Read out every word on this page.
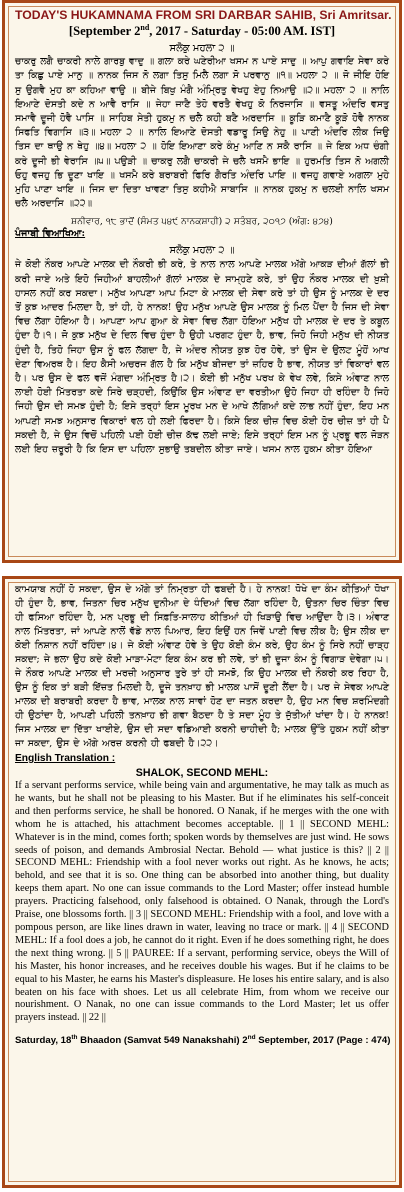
TODAY'S HUKAMNAMA FROM SRI DARBAR SAHIB, Sri Amritsar.
[September 2nd, 2017 - Saturday - 05:00 AM. IST]
ਸਲੋਕੁ ਮਹਲਾ ੨ ॥
ਚਾਕਰੁ ਲਗੈ ਚਾਕਰੀ ਨਾਲੇ ਗਾਰਬੁ ਵਾਦੁ ॥ ਗਲਾ ਕਰੇ ਘਣੇਰੀਆ ਖਸਮ ਨ ਪਾਏ ਸਾਦੁ ॥ ਆਪੁ ਗਵਾਇ ਸੇਵਾ ਕਰੇ ਤਾ ਕਿਛੁ ਪਾਏ ਮਾਨੁ ॥ ਨਾਨਕ ਜਿਸ ਨੋ ਲਗਾ ਤਿਸੁ ਮਿਲੈ ਲਗਾ ਸੋ ਪਰਵਾਨੁ ॥੧॥ ਮਹਲਾ ੨ ॥ ਜੋ ਜੀਇ ਹੋਇ ਸੁ ਉਗਵੈ ਮੁਹ ਕਾ ਕਹਿਆ ਵਾਉ ॥ ਬੀਜੇ ਬਿਖੁ ਮੰਗੈ ਅੰਮ੍ਰਿਤੁ ਵੇਖਹੁ ਏਹੁ ਨਿਆਉ ॥੨॥ ਮਹਲਾ ੨ ॥ ਨਾਲਿ ਇਆਣੇ ਦੋਸਤੀ ਕਦੇ ਨ ਆਵੈ ਰਾਸਿ ॥ ਜੇਹਾ ਜਾਣੈ ਤੇਹੋ ਵਰਤੈ ਵੇਖਹੁ ਕੋ ਨਿਰਜਾਸਿ ॥ ਵਸਤੂ ਅੰਦਰਿ ਵਸਤੁ ਸਮਾਵੈ ਦੂਜੀ ਹੋਵੈ ਪਾਸਿ ॥ ਸਾਹਿਬ ਸੇਤੀ ਹੁਕਮੁ ਨ ਚਲੈ ਕਹੀ ਬਣੈ ਅਰਦਾਸਿ ॥ ਕੂੜਿ ਕਮਾਣੈ ਕੂੜੋ ਹੋਵੈ ਨਾਨਕ ਸਿਫਤਿ ਵਿਗਾਸਿ ॥੩॥ ਮਹਲਾ ੨ ॥ ਨਾਲਿ ਇਆਣੇ ਦੋਸਤੀ ਵਡਾਰੂ ਸਿਉ ਨੇਹੁ ॥ ਪਾਣੀ ਅੰਦਰਿ ਲੀਕ ਜਿਉ ਤਿਸ ਦਾ ਥਾਉ ਨ ਥੇਹੁ ॥੪॥ ਮਹਲਾ ੨ ॥ ਹੋਇ ਇਆਣਾ ਕਰੇ ਕੰਮੁ ਆਣਿ ਨ ਸਕੈ ਰਾਸਿ ॥ ਜੇ ਇਕ ਅਧ ਚੰਗੀ ਕਰੇ ਦੂਜੀ ਭੀ ਵੇਰਾਸਿ ॥੫॥ ਪਉੜੀ ॥ ਚਾਕਰੁ ਲਗੈ ਚਾਕਰੀ ਜੇ ਚਲੈ ਖਸਮੈ ਭਾਇ ॥ ਹੁਰਮਤਿ ਤਿਸ ਨੋ ਅਗਲੀ ਓਹੁ ਵਜਹੁ ਭਿ ਦੂਣਾ ਖਾਇ ॥ ਖਸਮੈ ਕਰੇ ਬਰਾਬਰੀ ਫਿਰਿ ਗੈਰਤਿ ਅੰਦਰਿ ਪਾਇ ॥ ਵਜਹੁ ਗਵਾਏ ਅਗਲਾ ਮੁਹੇ ਮੁਹਿ ਪਾਣਾ ਖਾਇ ॥ ਜਿਸ ਦਾ ਦਿਤਾ ਖਾਵਣਾ ਤਿਸੁ ਕਹੀਐ ਸਾਬਾਸਿ ॥ ਨਾਨਕ ਹੁਕਮੁ ਨ ਚਲਈ ਨਾਲਿ ਖਸਮ ਚਲੈ ਅਰਦਾਸਿ ॥੨੨॥
ਸ਼ਨੀਵਾਰ, ੧੮ ਭਾਦੋਂ (ਸੰਮਤ ੫੪੯ ਨਾਨਕਸ਼ਾਹੀ) ੨ ਸਤੰਬਰ, ੨੦੧੭ (ਅੰਗ: ੪੭੪)
ਪੰਜਾਬੀ ਵਿਆਖਿਆ:
ਸਲੋਕੁ ਮਹਲਾ ੨ ॥
ਜੇ ਕੋਈ ਨੌਕਰ ਆਪਣੇ ਮਾਲਕ ਦੀ ਨੌਕਰੀ ਭੀ ਕਰੇ, ਤੇ ਨਾਲ ਨਾਲ ਆਪਣੇ ਮਾਲਕ ਅੱਗੇ ਆਕੜ ਦੀਆਂ ਗੱਲਾਂ ਭੀ ਕਰੀ ਜਾਏ ਅਤੇ ਇਹੋ ਜਿਹੀਆਂ ਬਾਹਲੀਆਂ ਗੱਲਾਂ ਮਾਲਕ ਦੇ ਸਾਮ੍ਹਣੇ ਕਰੇ, ਤਾਂ ਉਹ ਨੌਕਰ ਮਾਲਕ ਦੀ ਖ਼ੁਸ਼ੀ ਹਾਸਲ ਨਹੀਂ ਕਰ ਸਕਦਾ। ਮਨੁੱਖ ਆਪਣਾ ਆਪ ਮਿਟਾ ਕੇ ਮਾਲਕ ਦੀ ਸੇਵਾ ਕਰੇ ਤਾਂ ਹੀ ਉਸ ਨੂੰ ਮਾਲਕ ਦੇ ਦਰ ਤੋਂ ਕੁਝ ਆਦਰ ਮਿਲਦਾ ਹੈ, ਤਾਂ ਹੀ, ਹੇ ਨਾਨਕ! ਉਹ ਮਨੁੱਖ ਆਪਣੇ ਉਸ ਮਾਲਕ ਨੂੰ ਮਿਲ ਪੈਂਦਾ ਹੈ ਜਿਸ ਦੀ ਸੇਵਾ ਵਿਚ ਲੱਗਾ ਹੋਇਆ ਹੈ। ਆਪਣਾ ਆਪ ਗੁਆ ਕੇ ਸੇਵਾ ਵਿਚ ਲੱਗਾ ਹੋਇਆ ਮਨੁੱਖ ਹੀ ਮਾਲਕ ਦੇ ਦਰ ਤੇ ਕਬੂਲ ਹੁੰਦਾ ਹੈ।੧। ਜੋ ਕੁਝ ਮਨੁੱਖ ਦੇ ਦਿਲ ਵਿਚ ਹੁੰਦਾ ਹੈ ਉਹੀ ਪਰਗਟ ਹੁੰਦਾ ਹੈ, ਭਾਵ, ਜਿਹੋ ਜਿਹੀ ਮਨੁੱਖ ਦੀ ਨੀਯਤ ਹੁੰਦੀ ਹੈ, ਤਿਹੋ ਜਿਹਾ ਉਸ ਨੂੰ ਫਲ ਲੱਗਦਾ ਹੈ, ਜੇ ਅੰਦਰ ਨੀਯਤ ਕੁਝ ਹੋਰ ਹੋਵੇ, ਤਾਂ ਉਸ ਦੇ ਉਲਟ ਮੂੰਹੋਂ ਆਖ ਦੇਣਾ ਵਿਅਰਥ ਹੈ। ਇਹ ਕੈਸੀ ਅਚਰਜ ਗੱਲ ਹੈ ਕਿ ਮਨੁੱਖ ਬੀਜਦਾ ਤਾਂ ਜ਼ਹਿਰ ਹੈ ਭਾਵ, ਨੀਯਤ ਤਾਂ ਵਿਕਾਰਾਂ ਵਲ ਹੈ। ਪਰ ਉਸ ਦੇ ਫਲ ਵਜੋਂ ਮੰਗਦਾ ਅੰਮ੍ਰਿਤ ਹੈ।੨। ਕੋਈ ਭੀ ਮਨੁੱਖ ਪਰਖ ਕੇ ਵੇਖ ਲਵੇ, ਕਿਸੇ ਅੰਞਾਣ ਨਾਲ ਲਾਈ ਹੋਈ ਮਿੱਤਰਤਾ ਕਦੇ ਸਿਰੇ ਚੜ੍ਹਦੀ, ਕਿਉਂਕਿ ਉਸ ਅੰਞਾਣ ਦਾ ਵਰਤੀਆ ਉਹੋ ਜਿਹਾ ਹੀ ਰਹਿੰਦਾ ਹੈ ਜਿਹੋ ਜਿਹੀ ਉਸ ਦੀ ਸਮਝ ਹੁੰਦੀ ਹੈ; ਇਸੇ ਤਰ੍ਹਾਂ ਇਸ ਮੂਰਖ ਮਨ ਦੇ ਆਖੇ ਲੱਗਿਆਂ ਕਦੇ ਲਾਭ ਨਹੀਂ ਹੁੰਦਾ, ਇਹ ਮਨ ਆਪਣੀ ਸਮਝ ਅਨੁਸਾਰ ਵਿਕਾਰਾਂ ਵਲ ਹੀ ਲਈ ਫਿਰਦਾ ਹੈ। ਕਿਸੇ ਇਕ ਚੀਜ਼ ਵਿਚ ਕੋਈ ਹੋਰ ਚੀਜ਼ ਤਾਂ ਹੀ ਪੈ ਸਕਦੀ ਹੈ, ਜੇ ਉਸ ਵਿਚੋਂ ਪਹਿਲੀ ਪਈ ਹੋਈ ਚੀਜ਼ ਕੱਢ ਲਈ ਜਾਏ; ਇਸੇ ਤਰ੍ਹਾਂ ਇਸ ਮਨ ਨੂੰ ਪ੍ਰਭੂ ਵਲ ਜੋੜਨ ਲਈ ਇਹ ਜ਼ਰੂਰੀ ਹੈ ਕਿ ਇਸ ਦਾ ਪਹਿਲਾ ਸੁਭਾਉ ਤਬਦੀਲ ਕੀਤਾ ਜਾਏ। ਖਸਮ ਨਾਲ ਹੁਕਮ ਕੀਤਾ ਹੋਇਆ
ਕਾਮਯਾਬ ਨਹੀਂ ਹੋ ਸਕਦਾ, ਉਸ ਦੇ ਅੱਗੇ ਤਾਂ ਨਿਮ੍ਰਤਾ ਹੀ ਫਬਦੀ ਹੈ। ਹੇ ਨਾਨਕ! ਧੋਖੇ ਦਾ ਕੰਮ ਕੀਤਿਆਂ ਧੋਖਾ ਹੀ ਹੁੰਦਾ ਹੈ, ਭਾਵ, ਜਿਤਨਾ ਚਿਰ ਮਨੁੱਖ ਦੁਨੀਆ ਦੇ ਧੰਦਿਆਂ ਵਿਚ ਲੱਗਾ ਰਹਿੰਦਾ ਹੈ, ਉਤਨਾ ਚਿਰ ਚਿੰਤਾ ਵਿਚ ਹੀ ਫਸਿਆ ਰਹਿੰਦਾ ਹੈ, ਮਨ ਪ੍ਰਭੂ ਦੀ ਸਿਫ਼ਤਿ-ਸਾਲਾਹ ਕੀਤਿਆਂ ਹੀ ਖਿੜਾਉ ਵਿਚ ਆਉਂਦਾ ਹੈ।੩। ਅੰਞਾਣ ਨਾਲ ਮਿੱਤਰਤਾ, ਜਾਂ ਆਪਣੇ ਨਾਲੋਂ ਵੱਡੇ ਨਾਲ ਪਿਆਰ, ਇਹ ਇਉਂ ਹਨ ਜਿਵੇਂ ਪਾਣੀ ਵਿਚ ਲੀਕ ਹੈ; ਉਸ ਲੀਕ ਦਾ ਕੋਈ ਨਿਸ਼ਾਨ ਨਹੀਂ ਰਹਿੰਦਾ।੪। ਜੇ ਕੋਈ ਅੰਞਾਣ ਹੋਵੇ ਤੇ ਉਹ ਕੋਈ ਕੰਮ ਕਰੇ, ਉਹ ਕੰਮ ਨੂੰ ਸਿਰੇ ਨਹੀਂ ਚਾੜ੍ਹ ਸਕਦਾ; ਜੇ ਭਲਾ ਉਹ ਕਦੇ ਕੋਈ ਮਾੜਾ-ਮੋਟਾ ਇਕ ਕੰਮ ਕਰ ਭੀ ਲਵੇ, ਤਾਂ ਭੀ ਦੂਜਾ ਕੰਮ ਨੂੰ ਵਿਗਾੜ ਦੇਵੇਗਾ।੫। ਜੇ ਨੌਕਰ ਆਪਣੇ ਮਾਲਕ ਦੀ ਮਰਜ਼ੀ ਅਨੁਸਾਰ ਤੁਰੇ ਤਾਂ ਹੀ ਸਮਝੋ, ਕਿ ਉਹ ਮਾਲਕ ਦੀ ਨੌਕਰੀ ਕਰ ਰਿਹਾ ਹੈ, ਉਸ ਨੂੰ ਇਕ ਤਾਂ ਬੜੀ ਇੱਜ਼ਤ ਮਿਲਦੀ ਹੈ, ਦੂਜੇ ਤਨਖ਼ਾਹ ਭੀ ਮਾਲਕ ਪਾਸੋਂ ਦੂਣੀ ਲੈਂਦਾ ਹੈ। ਪਰ ਜੇ ਸੇਵਕ ਆਪਣੇ ਮਾਲਕ ਦੀ ਬਰਾਬਰੀ ਕਰਦਾ ਹੈ ਭਾਵ, ਮਾਲਕ ਨਾਲ ਸਾਵਾਂ ਹੋਣ ਦਾ ਜਤਨ ਕਰਦਾ ਹੈ, ਉਹ ਮਨ ਵਿਚ ਸ਼ਰਮਿੰਦਗੀ ਹੀ ਉਠਾਂਦਾ ਹੈ, ਆਪਣੀ ਪਹਿਲੀ ਤਨਖ਼ਾਹ ਭੀ ਗਵਾ ਬੈਠਦਾ ਹੈ ਤੇ ਸਦਾ ਮੂੰਹ ਤੇ ਜੁੱਤੀਆਂ ਖਾਂਦਾ ਹੈ। ਹੇ ਨਾਨਕ! ਜਿਸ ਮਾਲਕ ਦਾ ਦਿੱਤਾ ਖਾਈਏ, ਉਸ ਦੀ ਸਦਾ ਵਡਿਆਈ ਕਰਨੀ ਚਾਹੀਦੀ ਹੈ; ਮਾਲਕ ਉੱਤੇ ਹੁਕਮ ਨਹੀਂ ਕੀਤਾ ਜਾ ਸਕਦਾ, ਉਸ ਦੇ ਅੱਗੇ ਅਰਜ਼ ਕਰਨੀ ਹੀ ਫਬਦੀ ਹੈ।੨੨।
English Translation :
SHALOK, SECOND MEHL:
If a servant performs service, while being vain and argumentative, he may talk as much as he wants, but he shall not be pleasing to his Master. But if he eliminates his self-conceit and then performs service, he shall be honored. O Nanak, if he merges with the one with whom he is attached, his attachment becomes acceptable. || 1 || SECOND MEHL: Whatever is in the mind, comes forth; spoken words by themselves are just wind. He sows seeds of poison, and demands Ambrosial Nectar. Behold — what justice is this? || 2 || SECOND MEHL: Friendship with a fool never works out right. As he knows, he acts; behold, and see that it is so. One thing can be absorbed into another thing, but duality keeps them apart. No one can issue commands to the Lord Master; offer instead humble prayers. Practicing falsehood, only falsehood is obtained. O Nanak, through the Lord's Praise, one blossoms forth. || 3 || SECOND MEHL: Friendship with a fool, and love with a pompous person, are like lines drawn in water, leaving no trace or mark. || 4 || SECOND MEHL: If a fool does a job, he cannot do it right. Even if he does something right, he does the next thing wrong. || 5 || PAUREE: If a servant, performing service, obeys the Will of his Master, his honor increases, and he receives double his wages. But if he claims to be equal to his Master, he earns his Master's displeasure. He loses his entire salary, and is also beaten on his face with shoes. Let us all celebrate Him, from whom we receive our nourishment. O Nanak, no one can issue commands to the Lord Master; let us offer prayers instead. || 22 ||
Saturday, 18th Bhaadon (Samvat 549 Nanakshahi) 2nd September, 2017 (Page : 474)
